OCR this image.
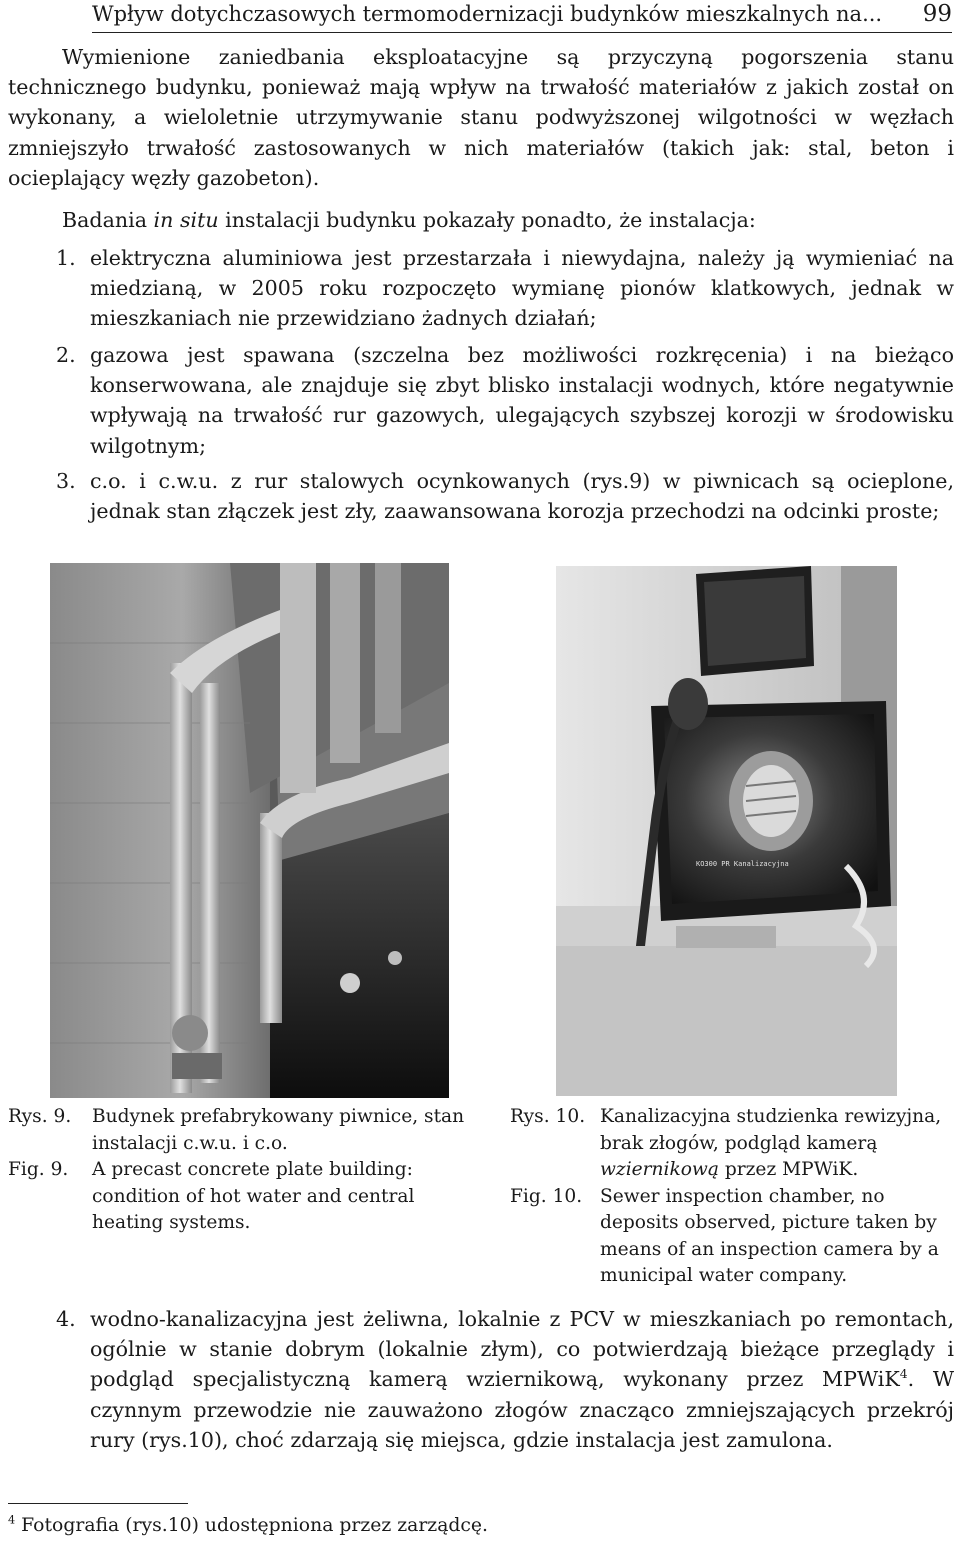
Wpływ dotychczasowych termomodernizacji budynków mieszkalnych na... 99

Wymienione zaniedbania eksploatacyjne są przyczyną pogorszenia stanu technicznego budynku, ponieważ mają wpływ na trwałość materiałów z jakich został on wykonany, a wieloletnie utrzymywanie stanu podwyższonej wilgotności w węzłach zmniejszyło trwałość zastosowanych w nich materiałów (takich jak: stal, beton i ocieplający węzły gazobeton).

Badania in situ instalacji budynku pokazały ponadto, że instalacja:

1. elektryczna aluminiowa jest przestarzała i niewydajna, należy ją wymieniać na miedzianą, w 2005 roku rozpoczęto wymianę pionów klatkowych, jednak w mieszkaniach nie przewidziano żadnych działań;
2. gazowa jest spawana (szczelna bez możliwości rozkręcenia) i na bieżąco konserwowana, ale znajduje się zbyt blisko instalacji wodnych, które negatywnie wpływają na trwałość rur gazowych, ulegających szybszej korozji w środowisku wilgotnym;
3. c.o. i c.w.u. z rur stalowych ocynkowanych (rys.9) w piwnicach są ocieplone, jednak stan złączek jest zły, zaawansowana korozja przechodzi na odcinki proste;
KO300 PR Kanalizacyjna
Rys. 9. Budynek prefabrykowany piwnice, stan instalacji c.w.u. i c.o.
Fig. 9. A precast concrete plate building: condition of hot water and central heating systems.
Rys. 10. Kanalizacyjna studzienka rewizyjna, brak złogów, podgląd kamerą wziernikową przez MPWiK.
Fig. 10. Sewer inspection chamber, no deposits observed, picture taken by means of an inspection camera by a municipal water company.
4. wodno-kanalizacyjna jest żeliwna, lokalnie z PCV w mieszkaniach po remontach, ogólnie w stanie dobrym (lokalnie złym), co potwierdzają bieżące przeglądy i podgląd specjalistyczną kamerą wziernikową, wykonany przez MPWiK$^4$. W czynnym przewodzie nie zauważono złogów znacząco zmniejszających przekrój rury (rys.10), choć zdarzają się miejsca, gdzie instalacja jest zamulona.
$^4$ Fotografia (rys.10) udostępniona przez zarządcę.
